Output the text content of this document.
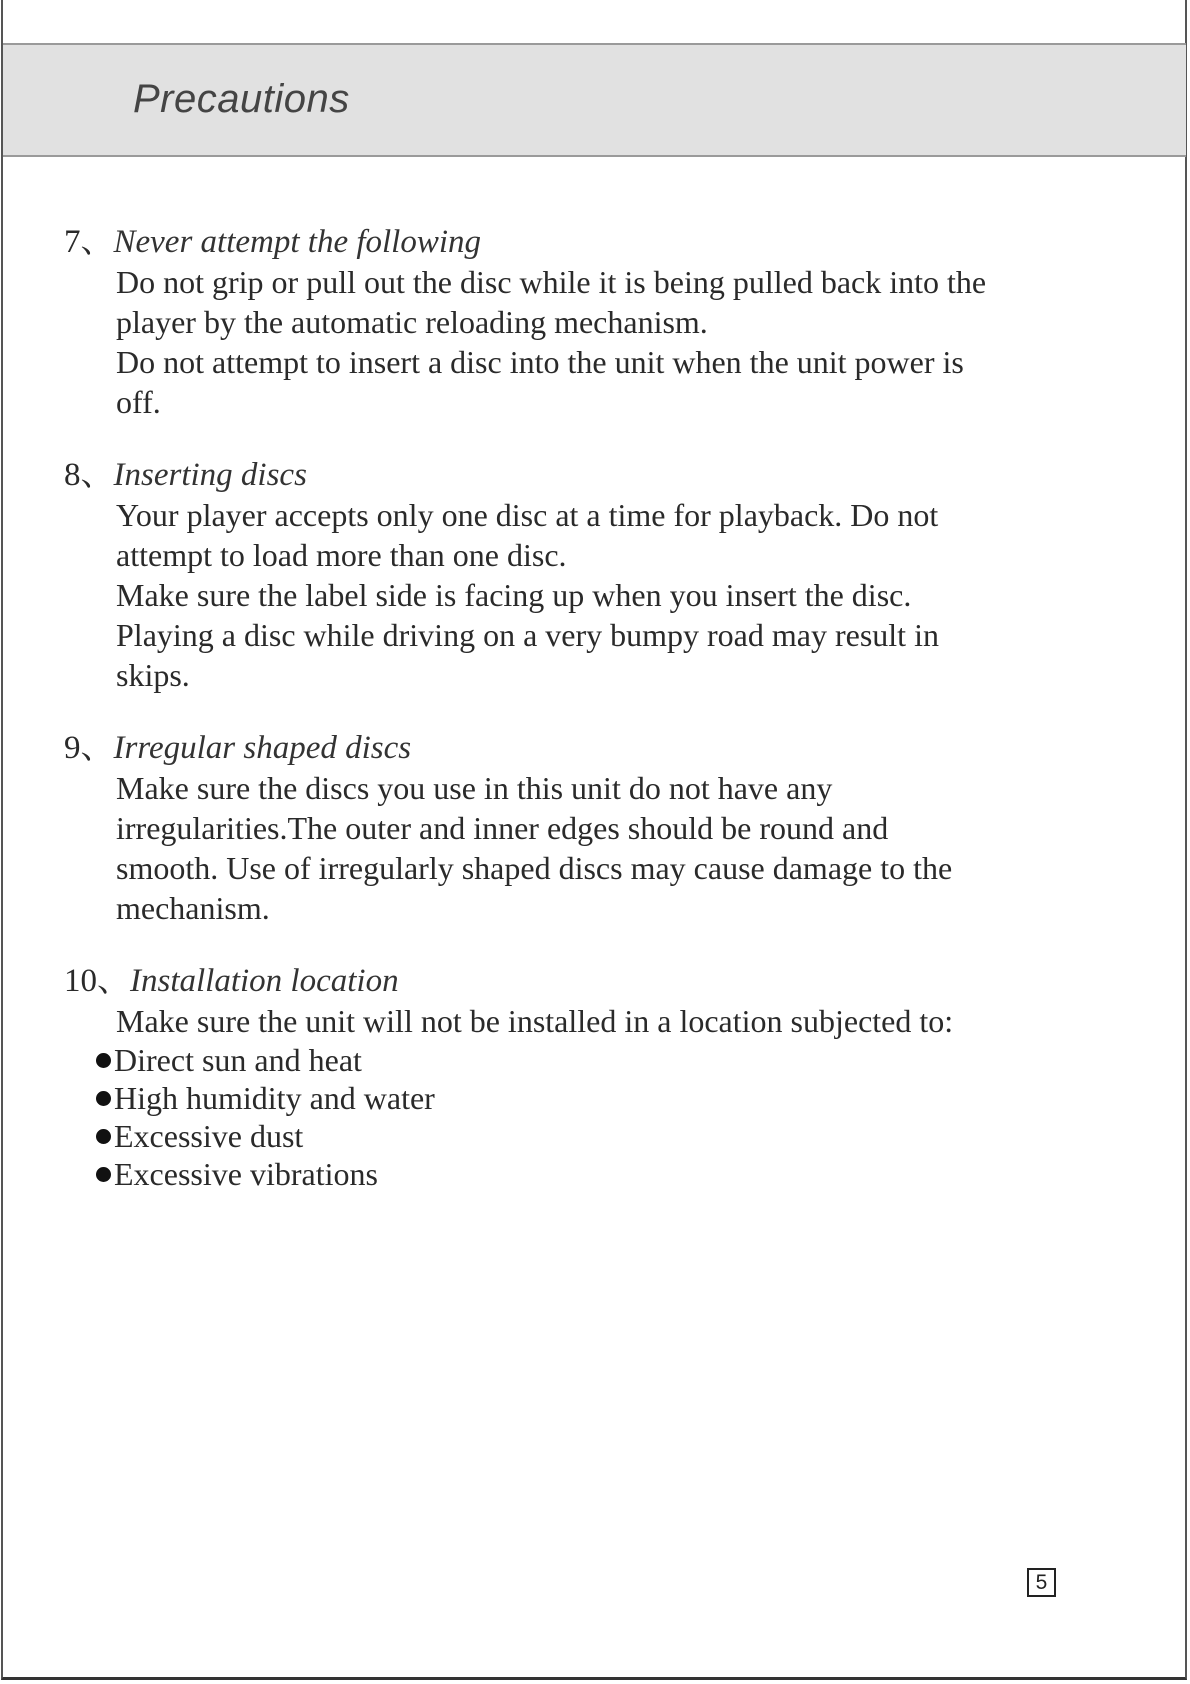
Precautions
7、Never attempt the following
Do not grip or pull out the disc while it is being pulled back into the
player by the automatic reloading mechanism.
Do not attempt to insert a disc into the unit when the unit power is
off.
8、Inserting discs
Your player accepts only one disc at a time for playback. Do not
attempt to load more than one disc.
Make sure the label side is facing up when you insert the disc.
Playing a disc while driving on a very bumpy road may result in
skips.
9、Irregular shaped discs
Make sure the discs you use in this unit do not have any
irregularities.The outer and inner edges should be round and
smooth. Use of irregularly shaped discs may cause damage to the
mechanism.
10、Installation location
Make sure the unit will not be installed in a location subjected to:
Direct sun and heat
High humidity and water
Excessive dust
Excessive vibrations
5
